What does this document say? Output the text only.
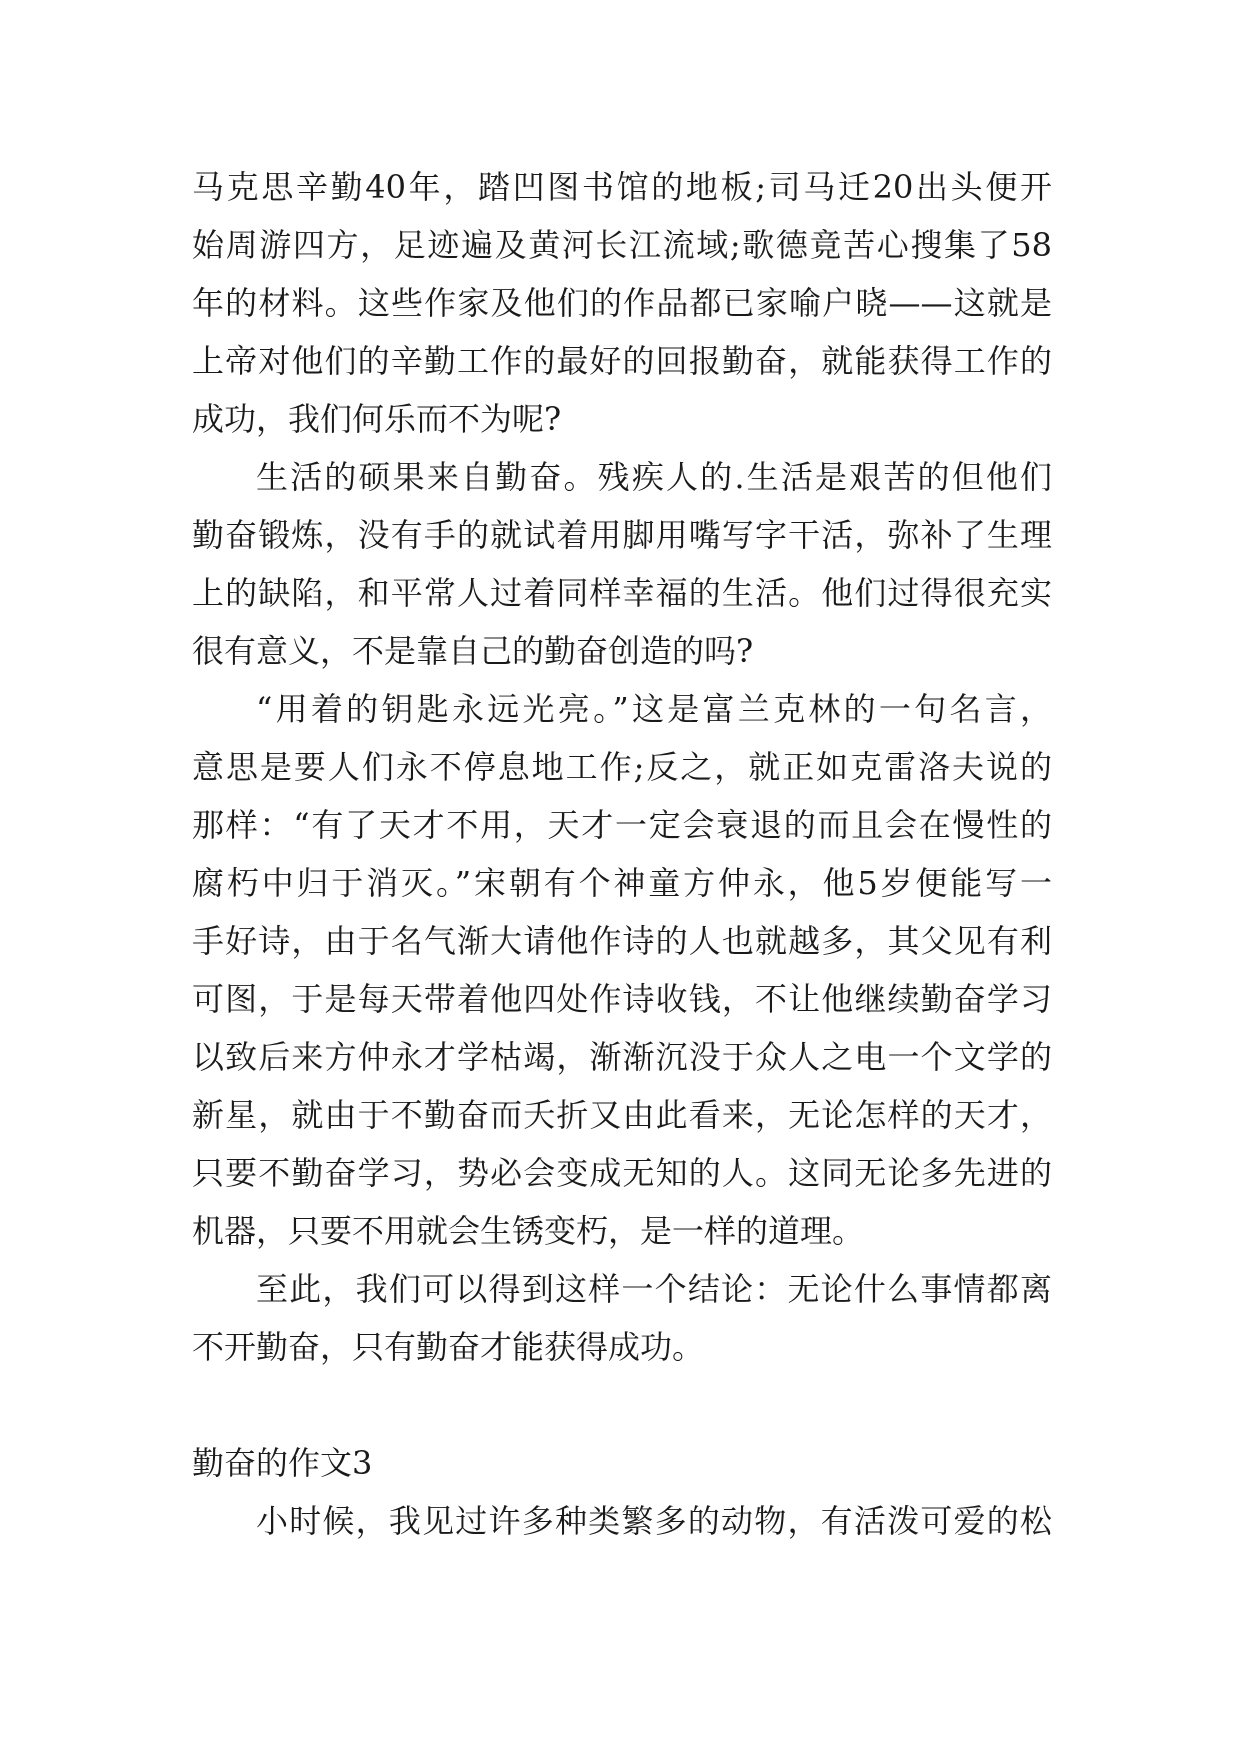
马克思辛勤40年，踏凹图书馆的地板;司马迁20出头便开
始周游四方，足迹遍及黄河长江流域;歌德竟苦心搜集了58
年的材料。这些作家及他们的作品都已家喻户晓——这就是
上帝对他们的辛勤工作的最好的回报勤奋，就能获得工作的
成功，我们何乐而不为呢?
生活的硕果来自勤奋。残疾人的.生活是艰苦的但他们
勤奋锻炼，没有手的就试着用脚用嘴写字干活，弥补了生理
上的缺陷，和平常人过着同样幸福的生活。他们过得很充实
很有意义，不是靠自己的勤奋创造的吗?
“用着的钥匙永远光亮。”这是富兰克林的一句名言，
意思是要人们永不停息地工作;反之，就正如克雷洛夫说的
那样：“有了天才不用，天才一定会衰退的而且会在慢性的
腐朽中归于消灭。”宋朝有个神童方仲永，他5岁便能写一
手好诗，由于名气渐大请他作诗的人也就越多，其父见有利
可图，于是每天带着他四处作诗收钱，不让他继续勤奋学习
以致后来方仲永才学枯竭，渐渐沉没于众人之电一个文学的
新星，就由于不勤奋而夭折又由此看来，无论怎样的天才，
只要不勤奋学习，势必会变成无知的人。这同无论多先进的
机器，只要不用就会生锈变朽，是一样的道理。
至此，我们可以得到这样一个结论：无论什么事情都离
不开勤奋，只有勤奋才能获得成功。
勤奋的作文3
小时候，我见过许多种类繁多的动物，有活泼可爱的松
